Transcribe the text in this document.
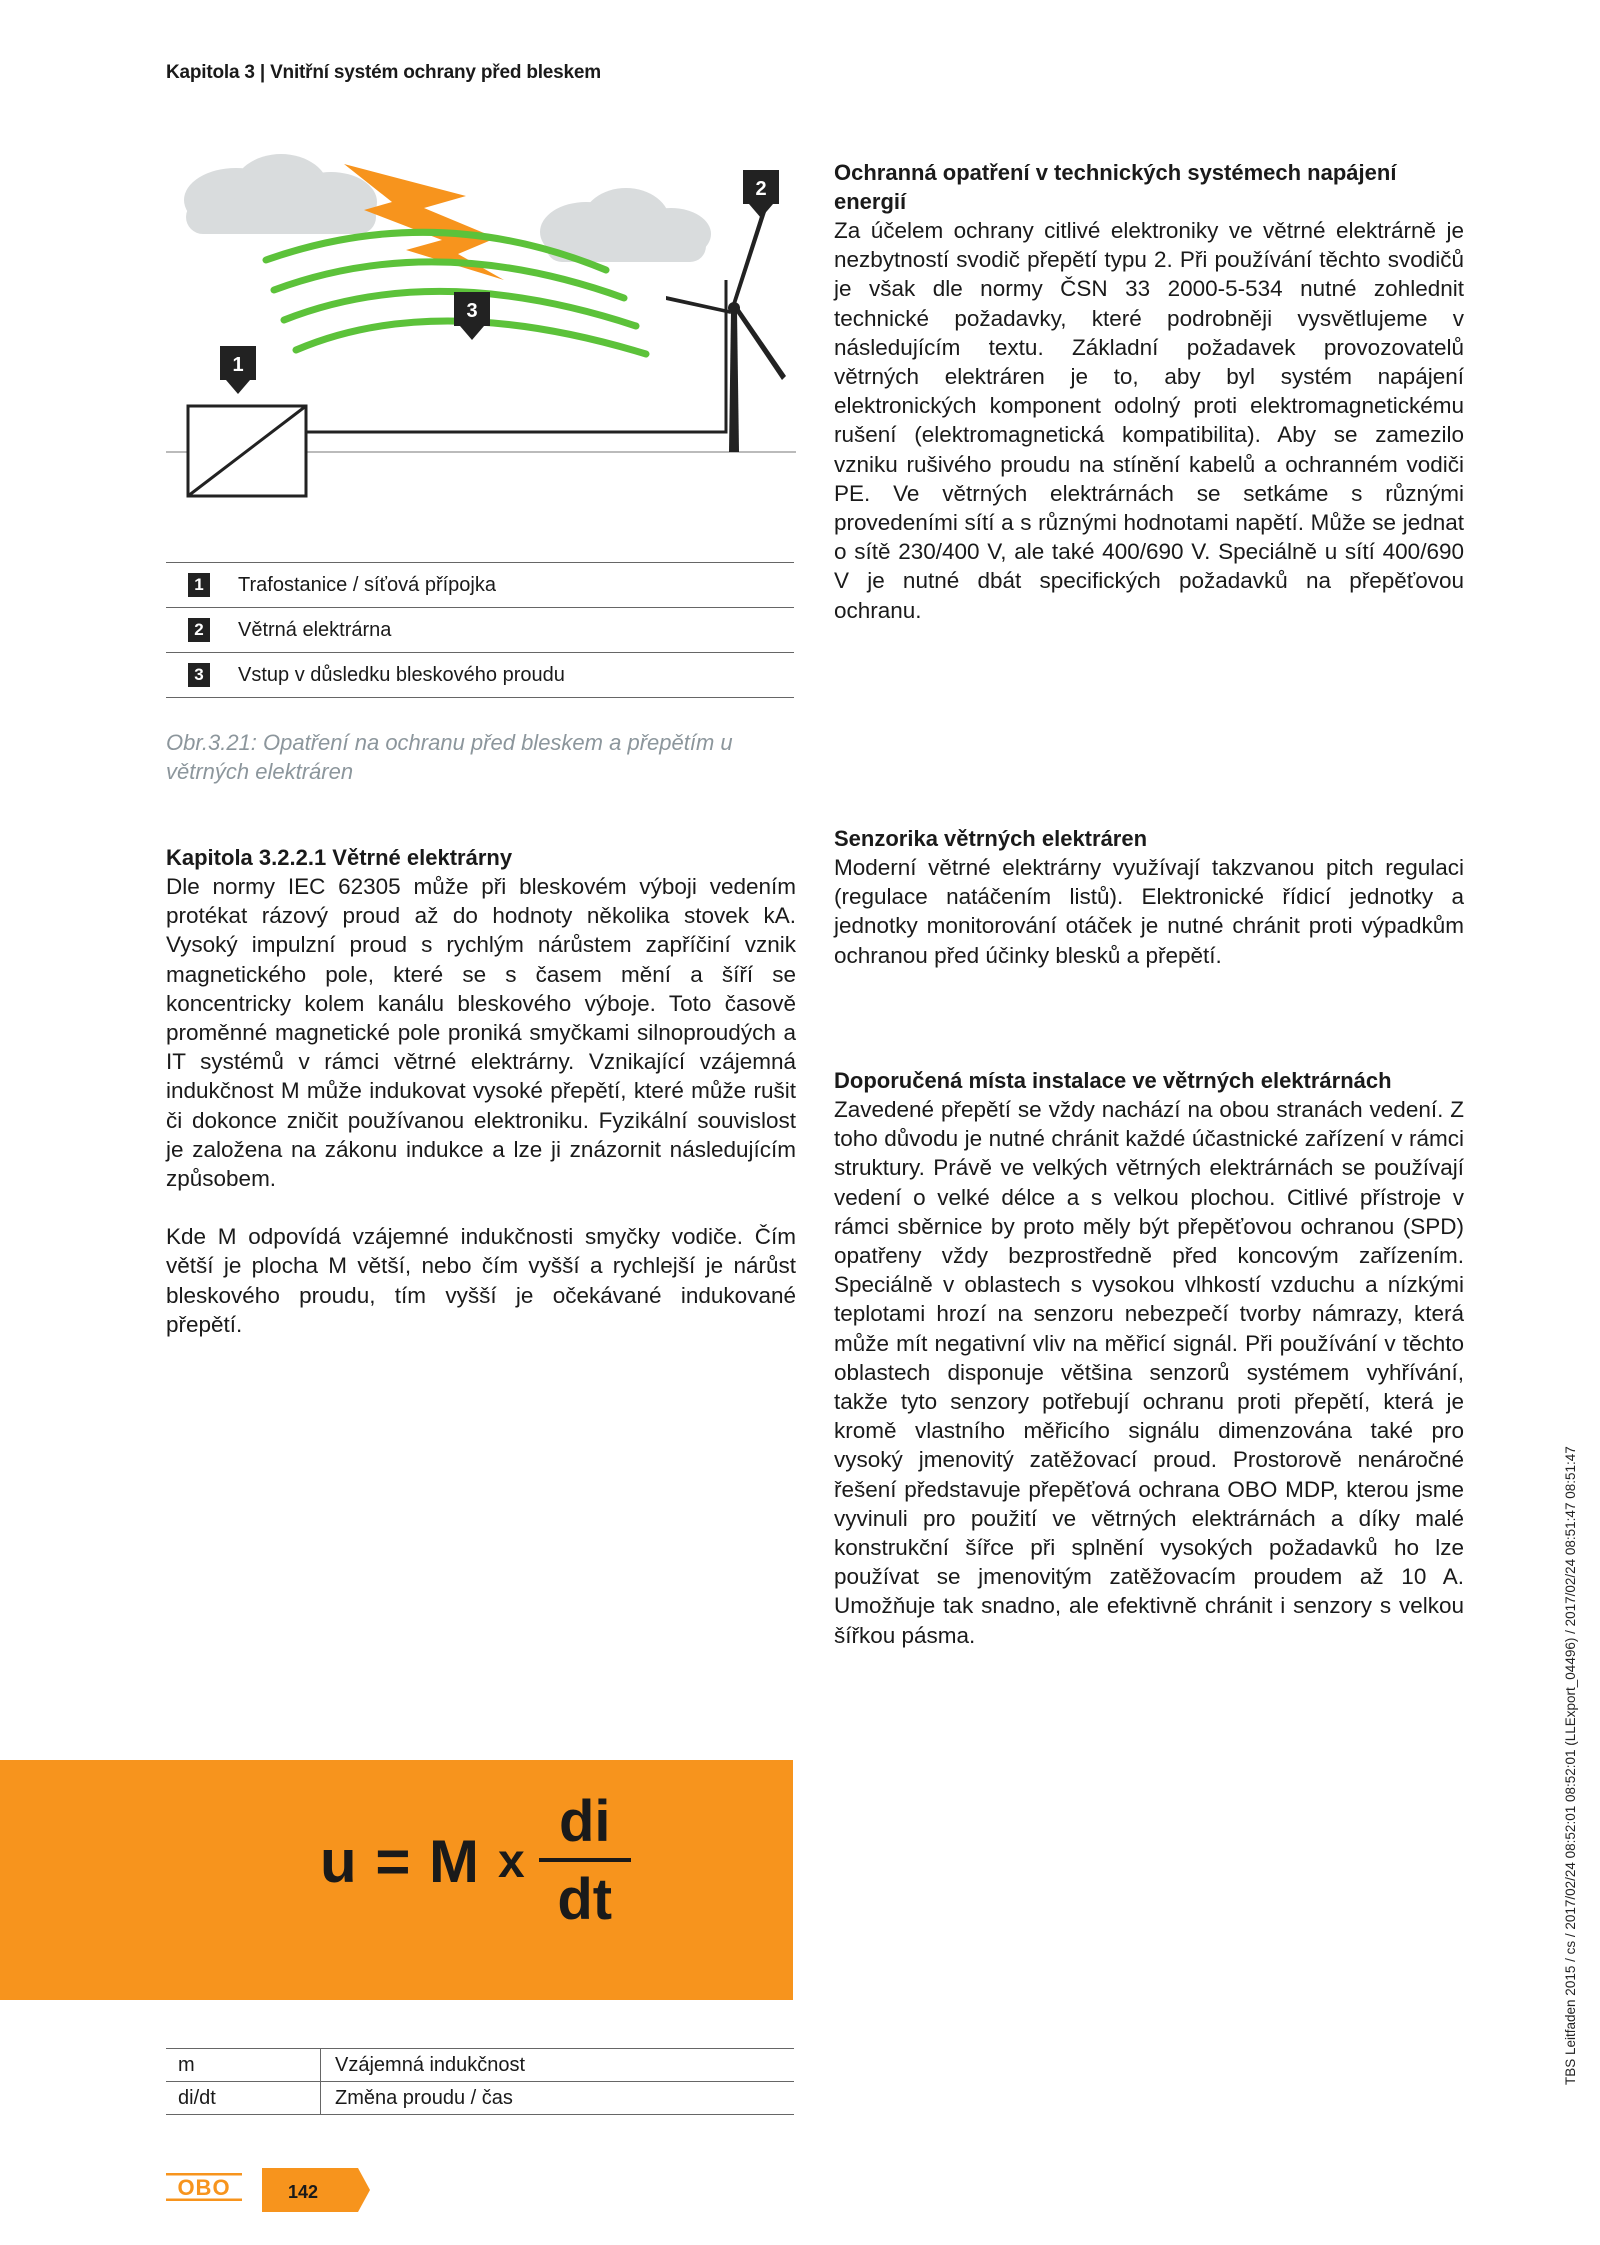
Kapitola 3 | Vnitřní systém ochrany před bleskem
1
3
2
1	Trafostanice / síťová přípojka
2	Větrná elektrárna
3	Vstup v důsledku bleskového proudu
Obr.3.21: Opatření na ochranu před bleskem a přepětím u větrných elektráren
Kapitola 3.2.2.1 Větrné elektrárny

Dle normy IEC 62305 může při bleskovém výboji vedením protékat rázový proud až do hodnoty několika stovek kA. Vysoký impulzní proud s rychlým nárůstem zapříčiní vznik magnetického pole, které se s časem mění a šíří se koncentricky kolem kanálu bleskového výboje. Toto časově proměnné magnetické pole proniká smyčkami silnoproudých a IT systémů v rámci větrné elektrárny. Vznikající vzájemná indukčnost M může indukovat vysoké přepětí, které může rušit či dokonce zničit používanou elektroniku. Fyzikální souvislost je založena na zákonu indukce a lze ji znázornit následujícím způsobem.

Kde M odpovídá vzájemné indukčnosti smyčky vodiče. Čím větší je plocha M větší, nebo čím vyšší a rychlejší je nárůst bleskového proudu, tím vyšší je očekávané indukované přepětí.

u = M x $\frac{di}{dt}$
m	Vzájemná indukčnost
di/dt	Změna proudu / čas
Ochranná opatření v technických systémech napájení energií

Za účelem ochrany citlivé elektroniky ve větrné elektrárně je nezbytností svodič přepětí typu 2. Při používání těchto svodičů je však dle normy ČSN 33 2000-5-534 nutné zohlednit technické požadavky, které podrobněji vysvětlujeme v následujícím textu. Základní požadavek provozovatelů větrných elektráren je to, aby byl systém napájení elektronických komponent odolný proti elektromagnetickému rušení (elektromagnetická kompatibilita). Aby se zamezilo vzniku rušivého proudu na stínění kabelů a ochranném vodiči PE. Ve větrných elektrárnách se setkáme s různými provedeními sítí a s různými hodnotami napětí. Může se jednat o sítě 230/400 V, ale také 400/690 V. Speciálně u sítí 400/690 V je nutné dbát specifických požadavků na přepěťovou ochranu.

Senzorika větrných elektráren

Moderní větrné elektrárny využívají takzvanou pitch regulaci (regulace natáčením listů). Elektronické řídicí jednotky a jednotky monitorování otáček je nutné chránit proti výpadkům ochranou před účinky blesků a přepětí.

Doporučená místa instalace ve větrných elektrárnách

Zavedené přepětí se vždy nachází na obou stranách vedení. Z toho důvodu je nutné chránit každé účastnické zařízení v rámci struktury. Právě ve velkých větrných elektrárnách se používají vedení o velké délce a s velkou plochou. Citlivé přístroje v rámci sběrnice by proto měly být přepěťovou ochranou (SPD) opatřeny vždy bezprostředně před koncovým zařízením. Speciálně v oblastech s vysokou vlhkostí vzduchu a nízkými teplotami hrozí na senzoru nebezpečí tvorby námrazy, která může mít negativní vliv na měřicí signál. Při používání v těchto oblastech disponuje většina senzorů systémem vyhřívání, takže tyto senzory potřebují ochranu proti přepětí, která je kromě vlastního měřicího signálu dimenzována také pro vysoký jmenovitý zatěžovací proud. Prostorově nenáročné řešení představuje přepěťová ochrana OBO MDP, kterou jsme vyvinuli pro použití ve větrných elektrárnách a díky malé konstrukční šířce při splnění vysokých požadavků ho lze používat se jmenovitým zatěžovacím proudem až 10 A. Umožňuje tak snadno, ale efektivně chránit i senzory s velkou šířkou pásma.

OBO	142
TBS Leitfaden 2015 / cs / 2017/02/24 08:52:01 08:52:01 (LLExport_04496) / 2017/02/24 08:51:47 08:51:47
